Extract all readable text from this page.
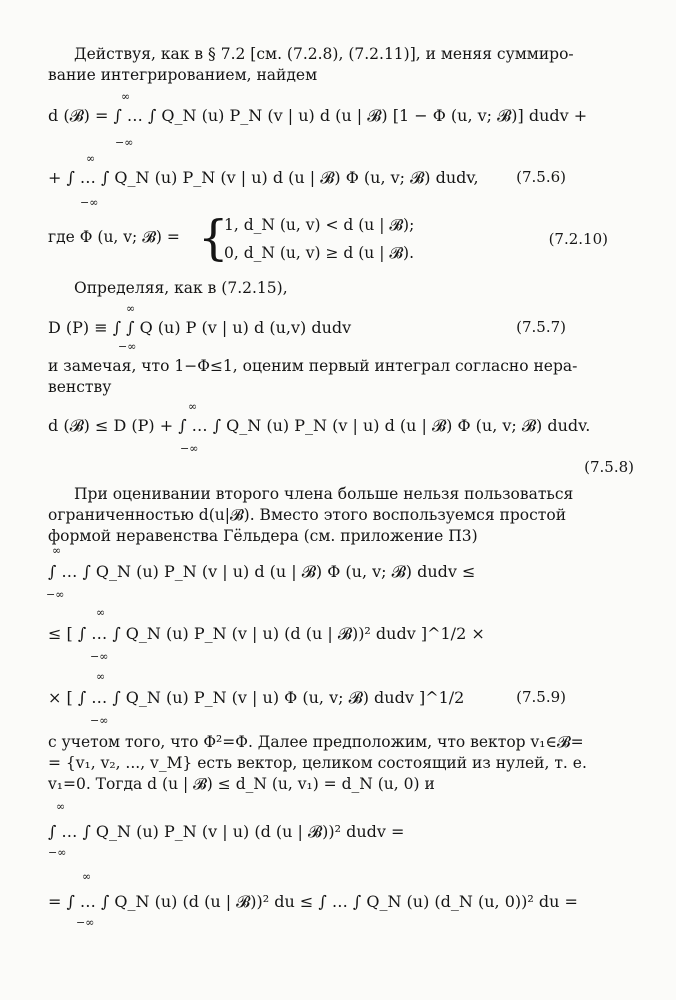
Действуя, как в § 7.2 [см. (7.2.8), (7.2.11)], и меняя суммиро-
вание интегрированием, найдем
d (𝓑) = ∫ … ∫ Q_N (u) P_N (v | u) d (u | 𝓑) [1 − Φ (u, v; 𝓑)] dudv +
∞
−∞
+ ∫ … ∫ Q_N (u) P_N (v | u) d (u | 𝓑) Φ (u, v; 𝓑) dudv,	(7.5.6)
∞
−∞
где Φ (u, v; 𝓑) = {
1, d_N (u, v) < d (u | 𝓑);
0, d_N (u, v) ≥ d (u | 𝓑).
(7.2.10)
Определяя, как в (7.2.15),
D (P) ≡ ∫ ∫ Q (u) P (v | u) d (u,v) dudv	(7.5.7)
∞
−∞
и замечая, что 1−Φ≤1, оценим первый интеграл согласно нера-
венству
d (𝓑) ≤ D (P) + ∫ … ∫ Q_N (u) P_N (v | u) d (u | 𝓑) Φ (u, v; 𝓑) dudv.
∞
−∞
(7.5.8)
При оценивании второго члена больше нельзя пользоваться
ограниченностью d(u|𝓑). Вместо этого воспользуемся простой
формой неравенства Гёльдера (см. приложение П3)
∫ … ∫ Q_N (u) P_N (v | u) d (u | 𝓑) Φ (u, v; 𝓑) dudv ≤
∞
−∞
≤ [ ∫ … ∫ Q_N (u) P_N (v | u) (d (u | 𝓑))² dudv ]^1/2 ×
∞
−∞
× [ ∫ … ∫ Q_N (u) P_N (v | u) Φ (u, v; 𝓑) dudv ]^1/2	(7.5.9)
∞
−∞
с учетом того, что Φ²=Φ. Далее предположим, что вектор v₁∈𝓑=
= {v₁, v₂, ..., v_M} есть вектор, целиком состоящий из нулей, т. е.
v₁=0. Тогда d (u | 𝓑) ≤ d_N (u, v₁) = d_N (u, 0) и
∫ … ∫ Q_N (u) P_N (v | u) (d (u | 𝓑))² dudv =
∞
−∞
= ∫ … ∫ Q_N (u) (d (u | 𝓑))² du ≤ ∫ … ∫ Q_N (u) (d_N (u, 0))² du =
∞
−∞
